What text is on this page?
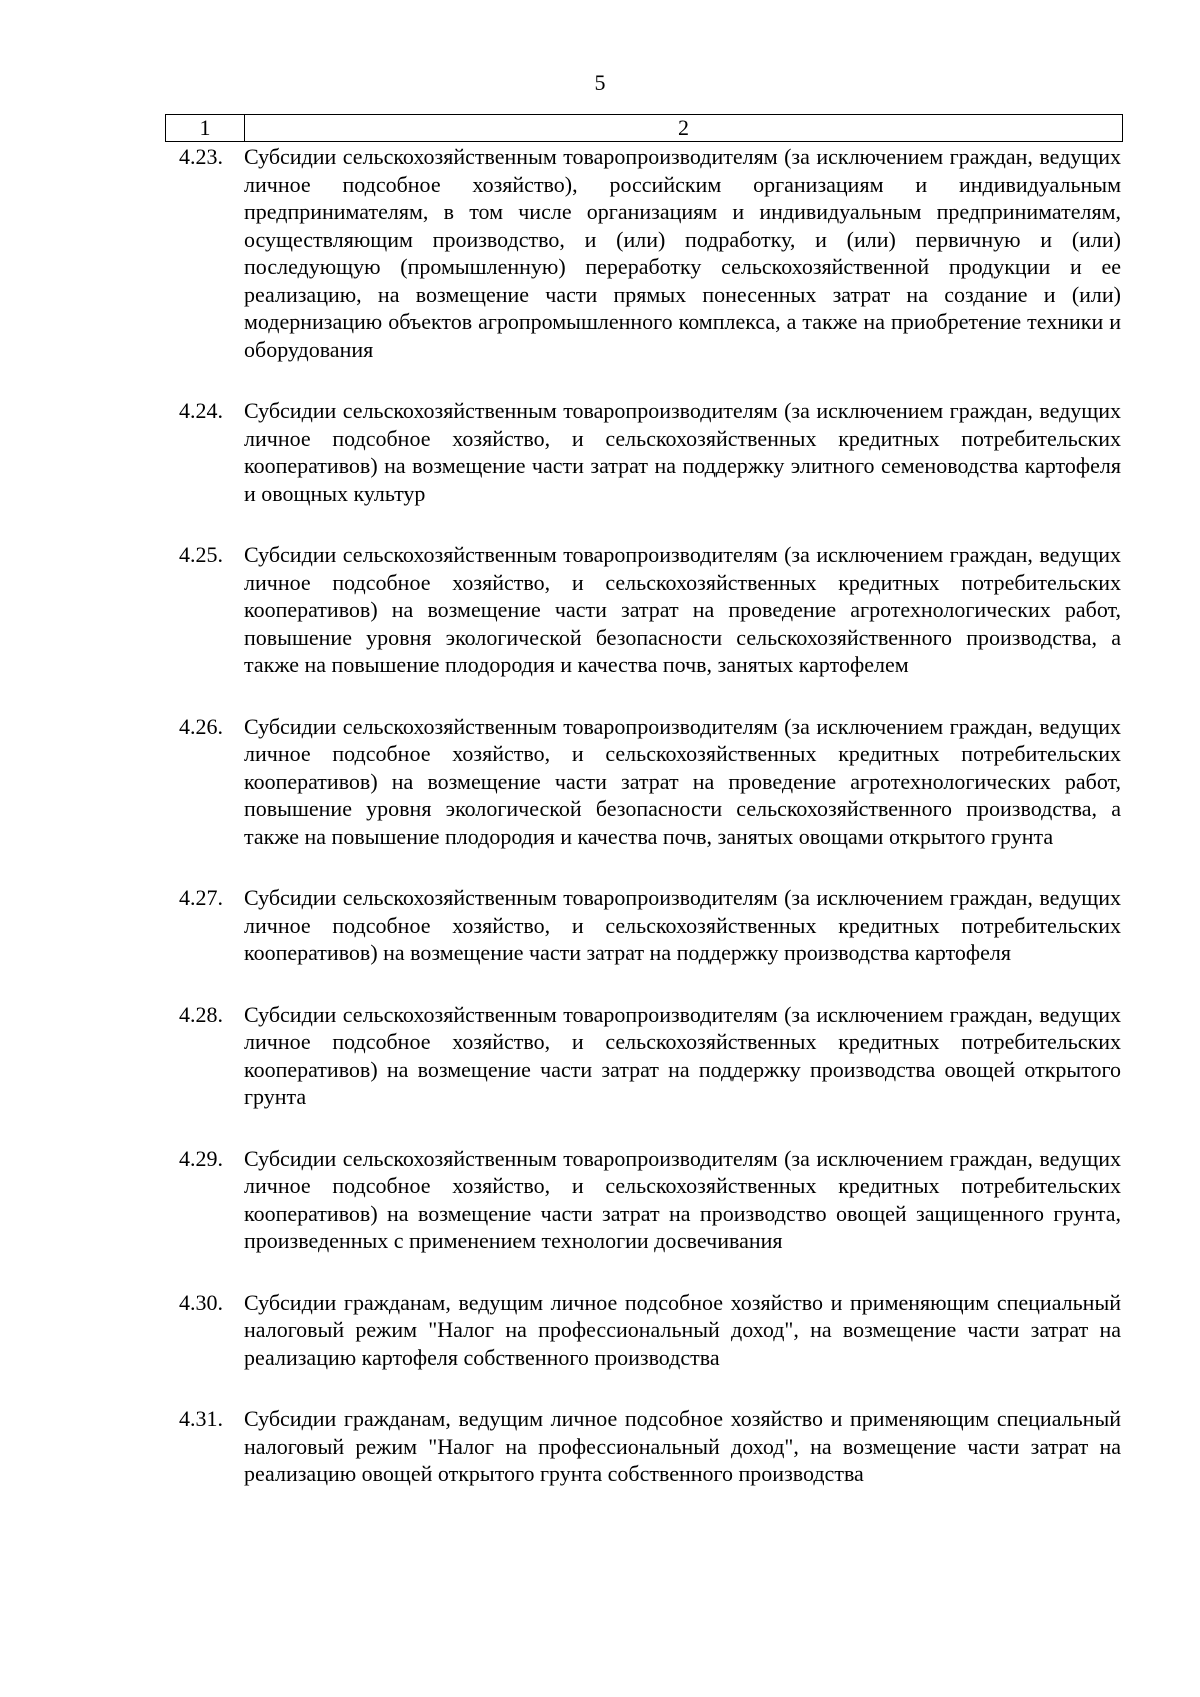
5
1	2
4.23. Субсидии сельскохозяйственным товаропроизводителям (за исключением граждан, ведущих личное подсобное хозяйство), российским организациям и индивидуальным предпринимателям, в том числе организациям и индивидуальным предпринимателям, осуществляющим производство, и (или) подработку, и (или) первичную и (или) последующую (промышленную) переработку сельскохозяйственной продукции и ее реализацию, на возмещение части прямых понесенных затрат на создание и (или) модернизацию объектов агропромышленного комплекса, а также на приобретение техники и оборудования

4.24. Субсидии сельскохозяйственным товаропроизводителям (за исключением граждан, ведущих личное подсобное хозяйство, и сельскохозяйственных кредитных потребительских кооперативов) на возмещение части затрат на поддержку элитного семеноводства картофеля и овощных культур

4.25. Субсидии сельскохозяйственным товаропроизводителям (за исключением граждан, ведущих личное подсобное хозяйство, и сельскохозяйственных кредитных потребительских кооперативов) на возмещение части затрат на проведение агротехнологических работ, повышение уровня экологической безопасности сельскохозяйственного производства, а также на повышение плодородия и качества почв, занятых картофелем

4.26. Субсидии сельскохозяйственным товаропроизводителям (за исключением граждан, ведущих личное подсобное хозяйство, и сельскохозяйственных кредитных потребительских кооперативов) на возмещение части затрат на проведение агротехнологических работ, повышение уровня экологической безопасности сельскохозяйственного производства, а также на повышение плодородия и качества почв, занятых овощами открытого грунта

4.27. Субсидии сельскохозяйственным товаропроизводителям (за исключением граждан, ведущих личное подсобное хозяйство, и сельскохозяйственных кредитных потребительских кооперативов) на возмещение части затрат на поддержку производства картофеля

4.28. Субсидии сельскохозяйственным товаропроизводителям (за исключением граждан, ведущих личное подсобное хозяйство, и сельскохозяйственных кредитных потребительских кооперативов) на возмещение части затрат на поддержку производства овощей открытого грунта

4.29. Субсидии сельскохозяйственным товаропроизводителям (за исключением граждан, ведущих личное подсобное хозяйство, и сельскохозяйственных кредитных потребительских кооперативов) на возмещение части затрат на производство овощей защищенного грунта, произведенных с применением технологии досвечивания

4.30. Субсидии гражданам, ведущим личное подсобное хозяйство и применяющим специальный налоговый режим "Налог на профессиональный доход", на возмещение части затрат на реализацию картофеля собственного производства

4.31. Субсидии гражданам, ведущим личное подсобное хозяйство и применяющим специальный налоговый режим "Налог на профессиональный доход", на возмещение части затрат на реализацию овощей открытого грунта собственного производства
